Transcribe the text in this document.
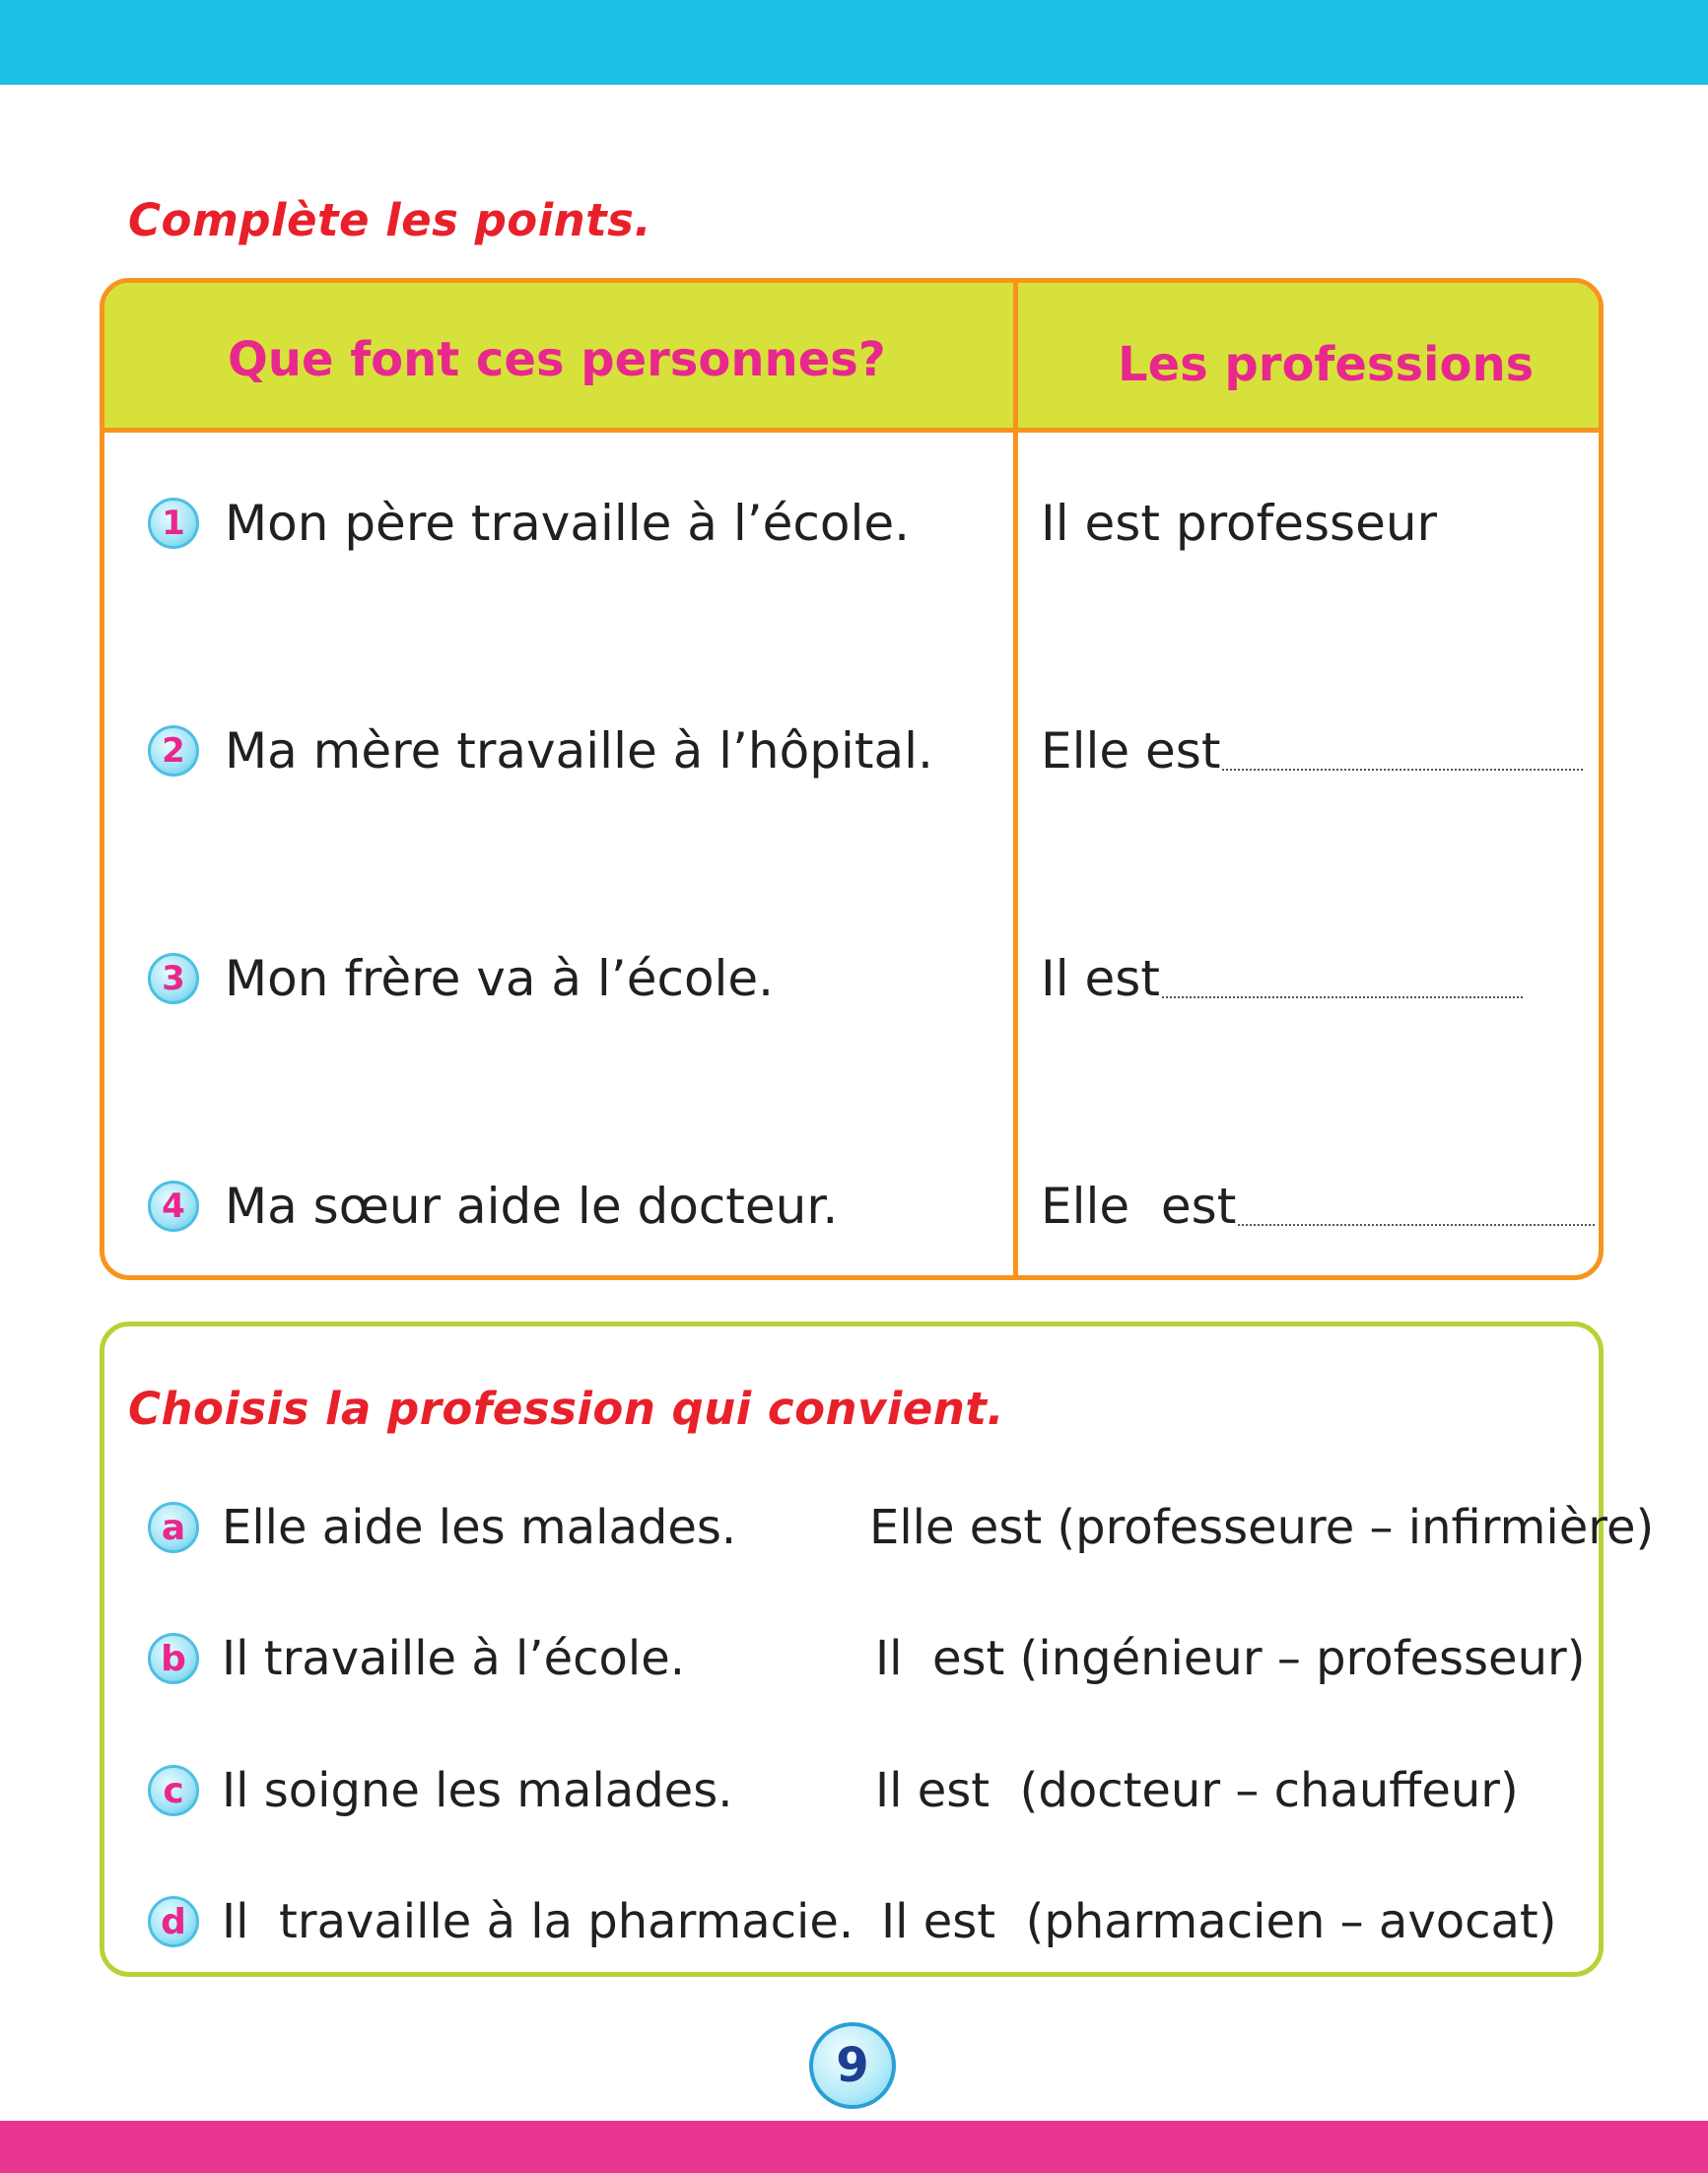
Complète les points.
Que font ces personnes?	Les professions
1 Mon père travaille à l’école.	Il est professeur
2 Ma mère travaille à l’hôpital. Elle est
3 Mon frère va à l’école.	Il est
4 Ma sœur aide le docteur.	Elle  est
a Elle aide les malades.	Elle est (professeure – infirmière)
b Il travaille à l’école.	Il  est (ingénieur – professeur)
c Il soigne les malades.	Il est  (docteur – chauffeur)
d Il  travaille à la pharmacie. Il est  (pharmacien – avocat)
Choisis la profession qui convient.
9
